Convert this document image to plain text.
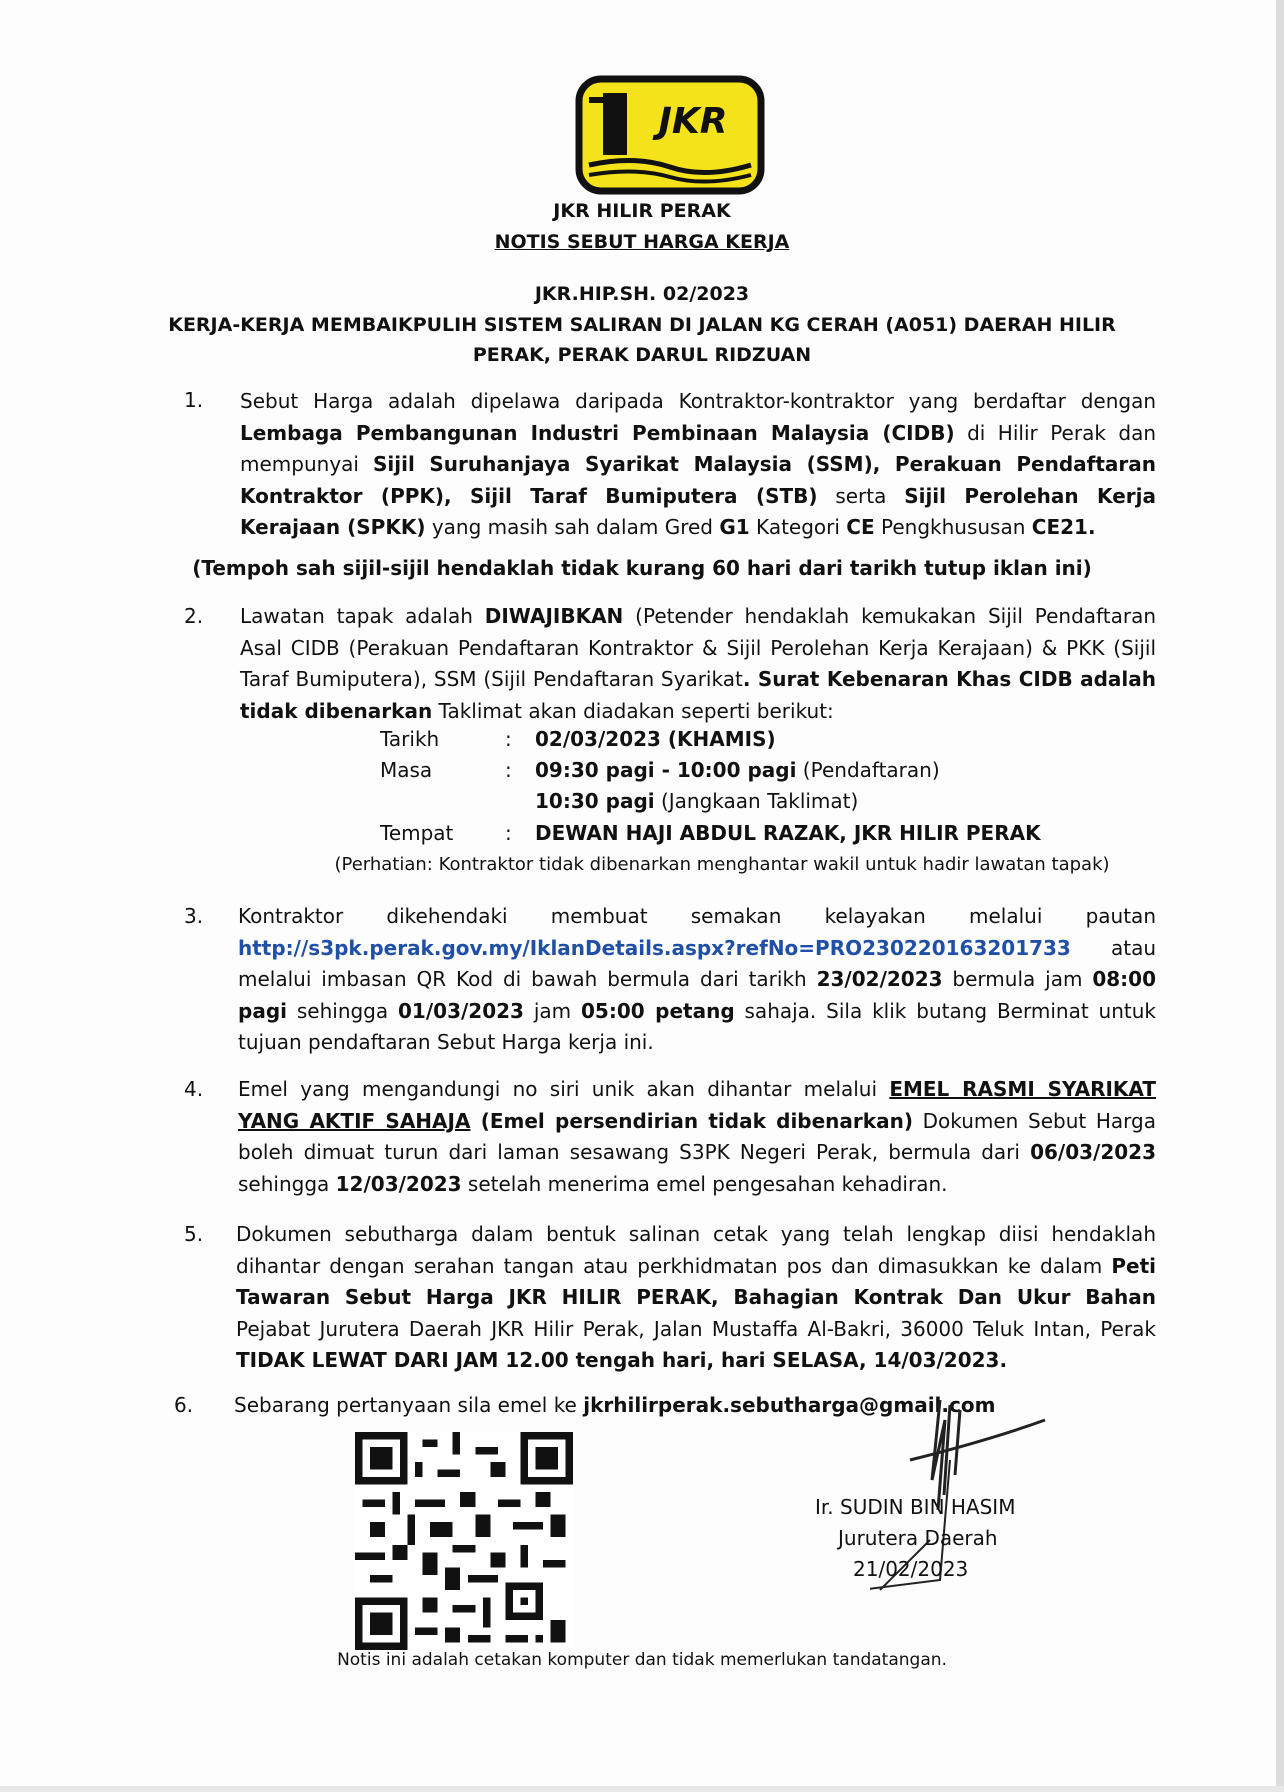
JKR
JKR HILIR PERAK
NOTIS SEBUT HARGA KERJA
JKR.HIP.SH. 02/2023
KERJA-KERJA MEMBAIKPULIH SISTEM SALIRAN DI JALAN KG CERAH (A051) DAERAH HILIR
PERAK, PERAK DARUL RIDZUAN
1. Sebut Harga adalah dipelawa daripada Kontraktor-kontraktor yang berdaftar dengan Lembaga Pembangunan Industri Pembinaan Malaysia (CIDB) di Hilir Perak dan mempunyai Sijil Suruhanjaya Syarikat Malaysia (SSM), Perakuan Pendaftaran Kontraktor (PPK), Sijil Taraf Bumiputera (STB) serta Sijil Perolehan Kerja Kerajaan (SPKK) yang masih sah dalam Gred G1 Kategori CE Pengkhususan CE21.
(Tempoh sah sijil-sijil hendaklah tidak kurang 60 hari dari tarikh tutup iklan ini)
2. Lawatan tapak adalah DIWAJIBKAN (Petender hendaklah kemukakan Sijil Pendaftaran Asal CIDB (Perakuan Pendaftaran Kontraktor & Sijil Perolehan Kerja Kerajaan) & PKK (Sijil Taraf Bumiputera), SSM (Sijil Pendaftaran Syarikat. Surat Kebenaran Khas CIDB adalah tidak dibenarkan Taklimat akan diadakan seperti berikut:
Tarikh	: 02/03/2023 (KHAMIS)
Masa	: 09:30 pagi - 10:00 pagi (Pendaftaran)
10:30 pagi (Jangkaan Taklimat)
Tempat	: DEWAN HAJI ABDUL RAZAK, JKR HILIR PERAK
(Perhatian: Kontraktor tidak dibenarkan menghantar wakil untuk hadir lawatan tapak)
3. Kontraktor dikehendaki membuat semakan kelayakan melalui pautan http://s3pk.perak.gov.my/IklanDetails.aspx?refNo=PRO230220163201733 atau melalui imbasan QR Kod di bawah bermula dari tarikh 23/02/2023 bermula jam 08:00 pagi sehingga 01/03/2023 jam 05:00 petang sahaja. Sila klik butang Berminat untuk tujuan pendaftaran Sebut Harga kerja ini.
4. Emel yang mengandungi no siri unik akan dihantar melalui EMEL RASMI SYARIKAT YANG AKTIF SAHAJA (Emel persendirian tidak dibenarkan) Dokumen Sebut Harga boleh dimuat turun dari laman sesawang S3PK Negeri Perak, bermula dari 06/03/2023 sehingga 12/03/2023 setelah menerima emel pengesahan kehadiran.
5. Dokumen sebutharga dalam bentuk salinan cetak yang telah lengkap diisi hendaklah dihantar dengan serahan tangan atau perkhidmatan pos dan dimasukkan ke dalam Peti Tawaran Sebut Harga JKR HILIR PERAK, Bahagian Kontrak Dan Ukur Bahan Pejabat Jurutera Daerah JKR Hilir Perak, Jalan Mustaffa Al-Bakri, 36000 Teluk Intan, Perak TIDAK LEWAT DARI JAM 12.00 tengah hari, hari SELASA, 14/03/2023.
6. Sebarang pertanyaan sila emel ke jkrhilirperak.sebutharga@gmail.com
Ir. SUDIN BIN HASIM
Jurutera Daerah
21/02/2023
Notis ini adalah cetakan komputer dan tidak memerlukan tandatangan.
